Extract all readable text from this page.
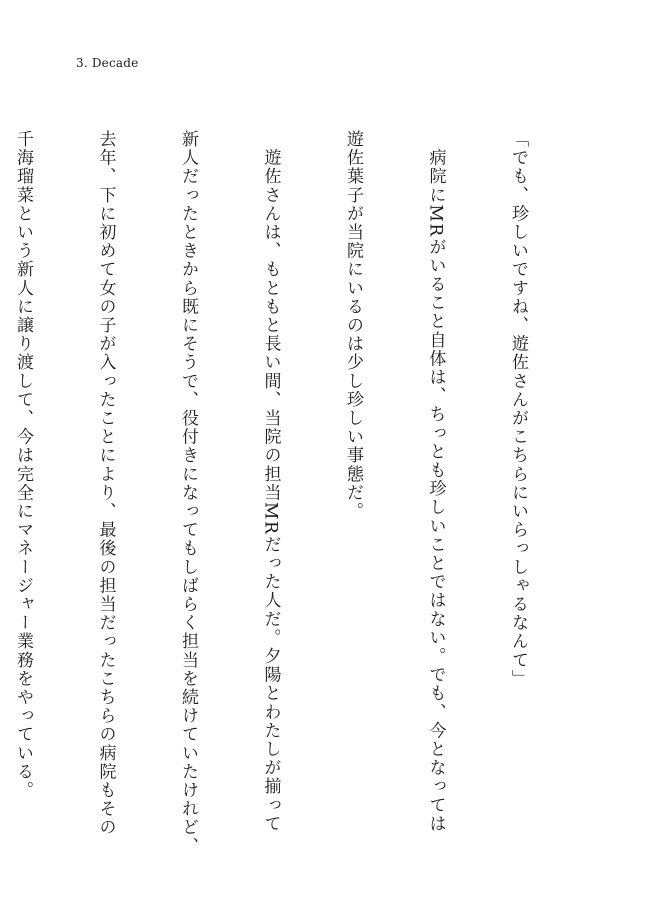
3. Decade

「でも、珍しいですね、遊佐さんがこちらにいらっしゃるなんて」

　病院にMRがいること自体は、ちっとも珍しいことではない。でも、今となっては

遊佐葉子が当院にいるのは少し珍しい事態だ。

　遊佐さんは、もともと長い間、当院の担当MRだった人だ。夕陽とわたしが揃って

新人だったときから既にそうで、役付きになってもしばらく担当を続けていたけれど、

去年、下に初めて女の子が入ったことにより、最後の担当だったこちらの病院もその

千海瑠菜という新人に譲り渡して、今は完全にマネージャー業務をやっている。
